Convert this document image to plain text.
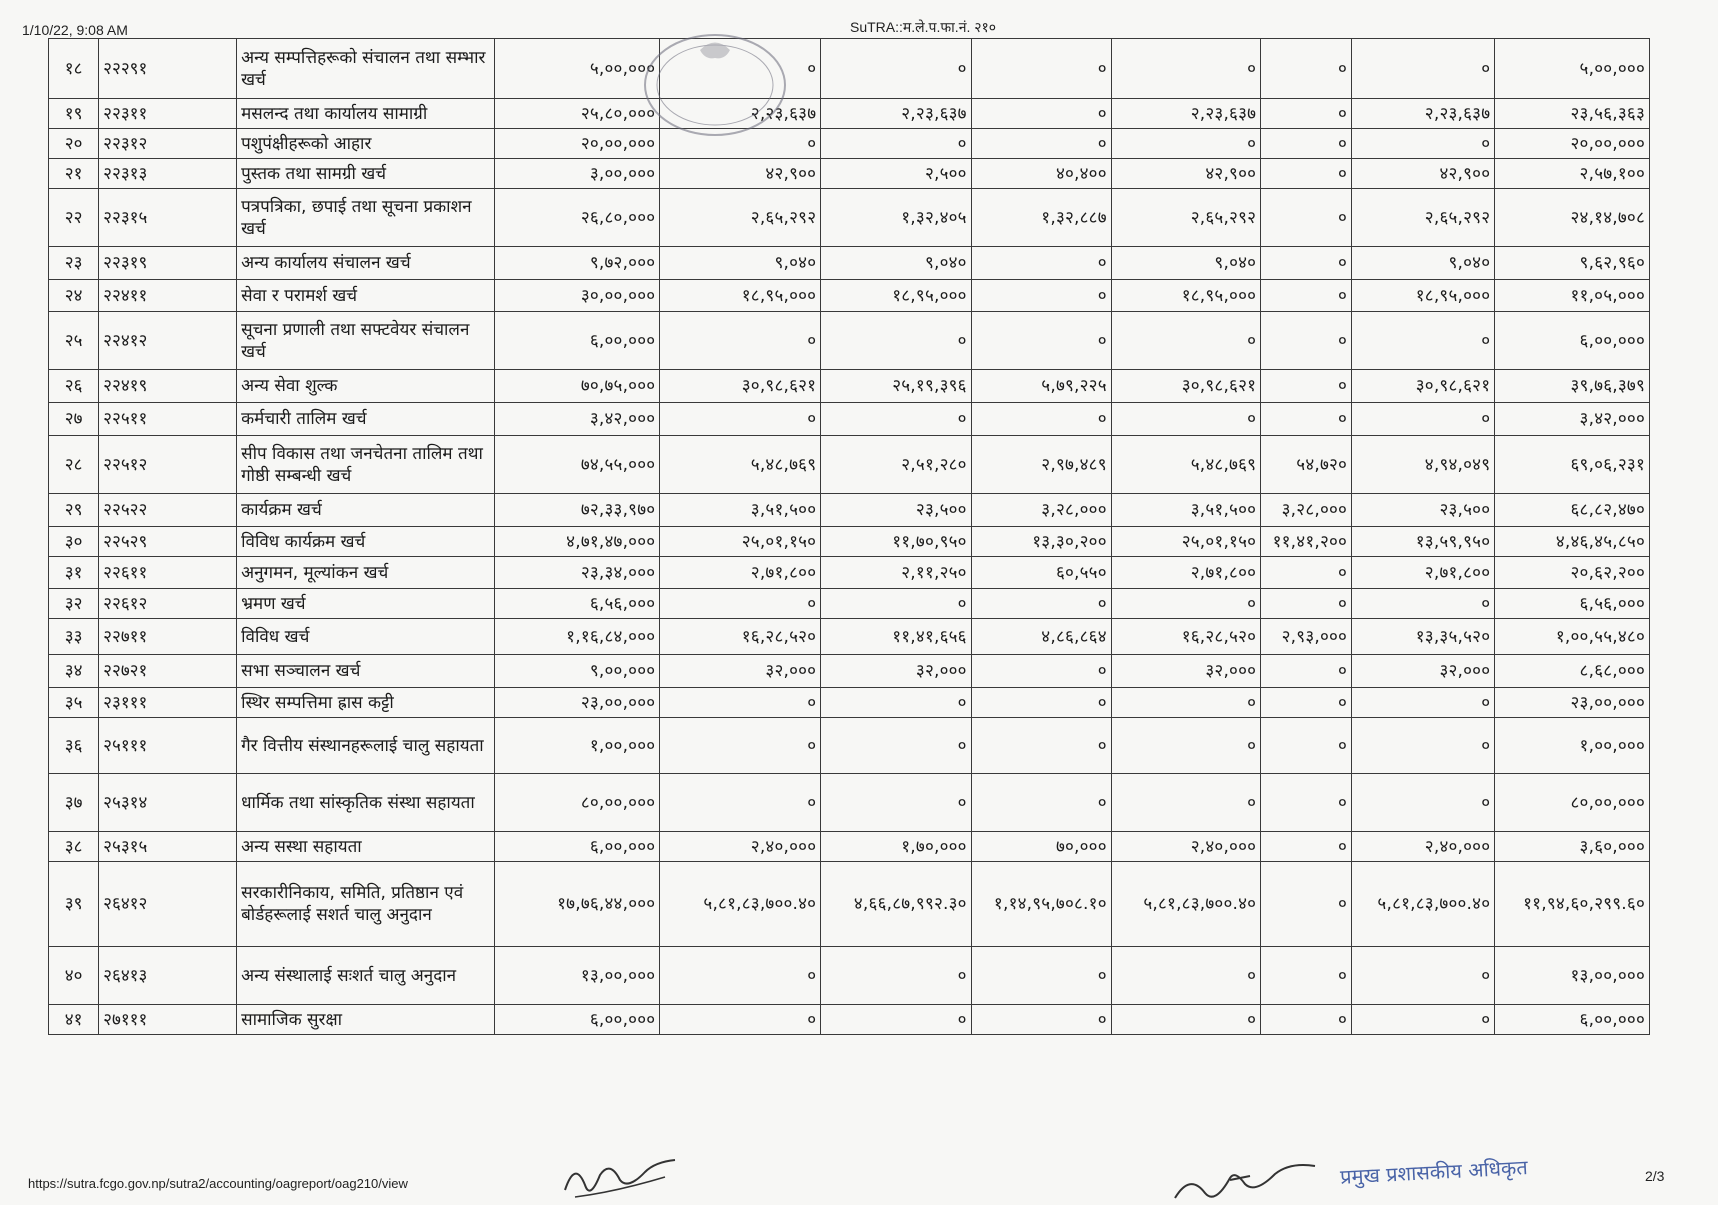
1/10/22, 9:08 AM	SuTRA::म.ले.प.फा.नं. २१०
१८	२२२९१	अन्य सम्पत्तिहरूको संचालन तथा सम्भार खर्च	५,००,०००	०	०	०	०	०	०	५,००,०००
१९	२२३११	मसलन्द तथा कार्यालय सामाग्री	२५,८०,०००	२,२३,६३७	२,२३,६३७	०	२,२३,६३७	०	२,२३,६३७	२३,५६,३६३
२०	२२३१२	पशुपंक्षीहरूको आहार	२०,००,०००	०	०	०	०	०	०	२०,००,०००
२१	२२३१३	पुस्तक तथा सामग्री खर्च	३,००,०००	४२,९००	२,५००	४०,४००	४२,९००	०	४२,९००	२,५७,१००
२२	२२३१५	पत्रपत्रिका, छपाई तथा सूचना प्रकाशन खर्च	२६,८०,०००	२,६५,२९२	१,३२,४०५	१,३२,८८७	२,६५,२९२	०	२,६५,२९२	२४,१४,७०८
२३	२२३१९	अन्य कार्यालय संचालन खर्च	९,७२,०००	९,०४०	९,०४०	०	९,०४०	०	९,०४०	९,६२,९६०
२४	२२४११	सेवा र परामर्श खर्च	३०,००,०००	१८,९५,०००	१८,९५,०००	०	१८,९५,०००	०	१८,९५,०००	११,०५,०००
२५	२२४१२	सूचना प्रणाली तथा सफ्टवेयर संचालन खर्च	६,००,०००	०	०	०	०	०	०	६,००,०००
२६	२२४१९	अन्य सेवा शुल्क	७०,७५,०००	३०,९८,६२१	२५,१९,३९६	५,७९,२२५	३०,९८,६२१	०	३०,९८,६२१	३९,७६,३७९
२७	२२५११	कर्मचारी तालिम खर्च	३,४२,०००	०	०	०	०	०	०	३,४२,०००
२८	२२५१२	सीप विकास तथा जनचेतना तालिम तथा गोष्ठी सम्बन्धी खर्च	७४,५५,०००	५,४८,७६९	२,५१,२८०	२,९७,४८९	५,४८,७६९	५४,७२०	४,९४,०४९	६९,०६,२३१
२९	२२५२२	कार्यक्रम खर्च	७२,३३,९७०	३,५१,५००	२३,५००	३,२८,०००	३,५१,५००	३,२८,०००	२३,५००	६८,८२,४७०
३०	२२५२९	विविध कार्यक्रम खर्च	४,७१,४७,०००	२५,०१,१५०	११,७०,९५०	१३,३०,२००	२५,०१,१५०	११,४१,२००	१३,५९,९५०	४,४६,४५,८५०
३१	२२६११	अनुगमन, मूल्यांकन खर्च	२३,३४,०००	२,७१,८००	२,११,२५०	६०,५५०	२,७१,८००	०	२,७१,८००	२०,६२,२००
३२	२२६१२	भ्रमण खर्च	६,५६,०००	०	०	०	०	०	०	६,५६,०००
३३	२२७११	विविध खर्च	१,१६,८४,०००	१६,२८,५२०	११,४१,६५६	४,८६,८६४	१६,२८,५२०	२,९३,०००	१३,३५,५२०	१,००,५५,४८०
३४	२२७२१	सभा सञ्चालन खर्च	९,००,०००	३२,०००	३२,०००	०	३२,०००	०	३२,०००	८,६८,०००
३५	२३१११	स्थिर सम्पत्तिमा ह्रास कट्टी	२३,००,०००	०	०	०	०	०	०	२३,००,०००
३६	२५१११	गैर वित्तीय संस्थानहरूलाई चालु सहायता	१,००,०००	०	०	०	०	०	०	१,००,०००
३७	२५३१४	धार्मिक तथा सांस्कृतिक संस्था सहायता	८०,००,०००	०	०	०	०	०	०	८०,००,०००
३८	२५३१५	अन्य सस्था सहायता	६,००,०००	२,४०,०००	१,७०,०००	७०,०००	२,४०,०००	०	२,४०,०००	३,६०,०००
३९	२६४१२	सरकारीनिकाय, समिति, प्रतिष्ठान एवं बोर्डहरूलाई सशर्त चालु अनुदान	१७,७६,४४,०००	५,८१,८३,७००.४०	४,६६,८७,९९२.३०	१,१४,९५,७०८.१०	५,८१,८३,७००.४०	०	५,८१,८३,७००.४०	११,९४,६०,२९९.६०
४०	२६४१३	अन्य संस्थालाई सःशर्त चालु अनुदान	१३,००,०००	०	०	०	०	०	०	१३,००,०००
४१	२७१११	सामाजिक सुरक्षा	६,००,०००	०	०	०	०	०	०	६,००,०००
प्रमुख प्रशासकीय अधिकृत
https://sutra.fcgo.gov.np/sutra2/accounting/oagreport/oag210/view	2/3
